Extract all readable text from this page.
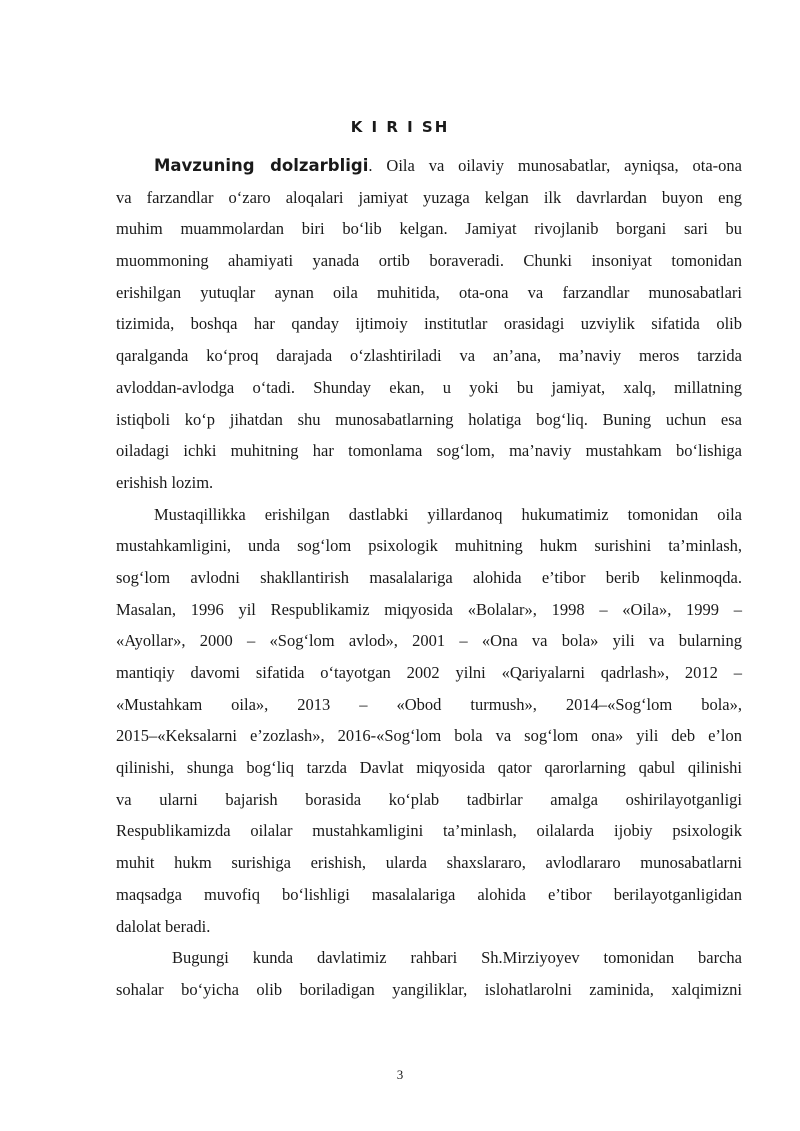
K I R I SH
Mavzuning dolzarbligi. Oila va oilaviy munosabatlar, ayniqsa, ota-ona
va farzandlar o‘zaro aloqalari jamiyat yuzaga kelgan ilk davrlardan buyon eng
muhim muammolardan biri bo‘lib kelgan. Jamiyat rivojlanib borgani sari bu
muommoning ahamiyati yanada ortib boraveradi. Chunki insoniyat tomonidan
erishilgan yutuqlar aynan oila muhitida, ota-ona va farzandlar munosabatlari
tizimida, boshqa har qanday ijtimoiy institutlar orasidagi uzviylik sifatida olib
qaralganda ko‘proq darajada o‘zlashtiriladi va an’ana, ma’naviy meros tarzida
avloddan-avlodga o‘tadi. Shunday ekan, u yoki bu jamiyat, xalq, millatning
istiqboli ko‘p jihatdan shu munosabatlarning holatiga bog‘liq. Buning uchun esa
oiladagi ichki muhitning har tomonlama sog‘lom, ma’naviy mustahkam bo‘lishiga
erishish lozim.
Mustaqillikka erishilgan dastlabki yillardanoq hukumatimiz tomonidan oila
mustahkamligini, unda sog‘lom psixologik muhitning hukm surishini ta’minlash,
sog‘lom avlodni shakllantirish masalalariga alohida e’tibor berib kelinmoqda.
Masalan, 1996 yil Respublikamiz miqyosida «Bolalar», 1998 – «Oila», 1999 –
«Ayollar», 2000 – «Sog‘lom avlod», 2001 – «Ona va bola» yili va bularning
mantiqiy davomi sifatida o‘tayotgan 2002 yilni «Qariyalarni qadrlash», 2012 –
«Mustahkam oila», 2013 – «Obod turmush», 2014–«Sog‘lom bola»,
2015–«Keksalarni e’zozlash», 2016-«Sog‘lom bola va sog‘lom ona» yili deb e’lon
qilinishi, shunga bog‘liq tarzda Davlat miqyosida qator qarorlarning qabul qilinishi
va ularni bajarish borasida ko‘plab tadbirlar amalga oshirilayotganligi
Respublikamizda oilalar mustahkamligini ta’minlash, oilalarda ijobiy psixologik
muhit hukm surishiga erishish, ularda shaxslararo, avlodlararo munosabatlarni
maqsadga muvofiq bo‘lishligi masalalariga alohida e’tibor berilayotganligidan
dalolat beradi.
Bugungi kunda davlatimiz rahbari Sh.Mirziyoyev tomonidan barcha
sohalar bo‘yicha olib boriladigan yangiliklar, islohatlarolni zaminida, xalqimizni
3
